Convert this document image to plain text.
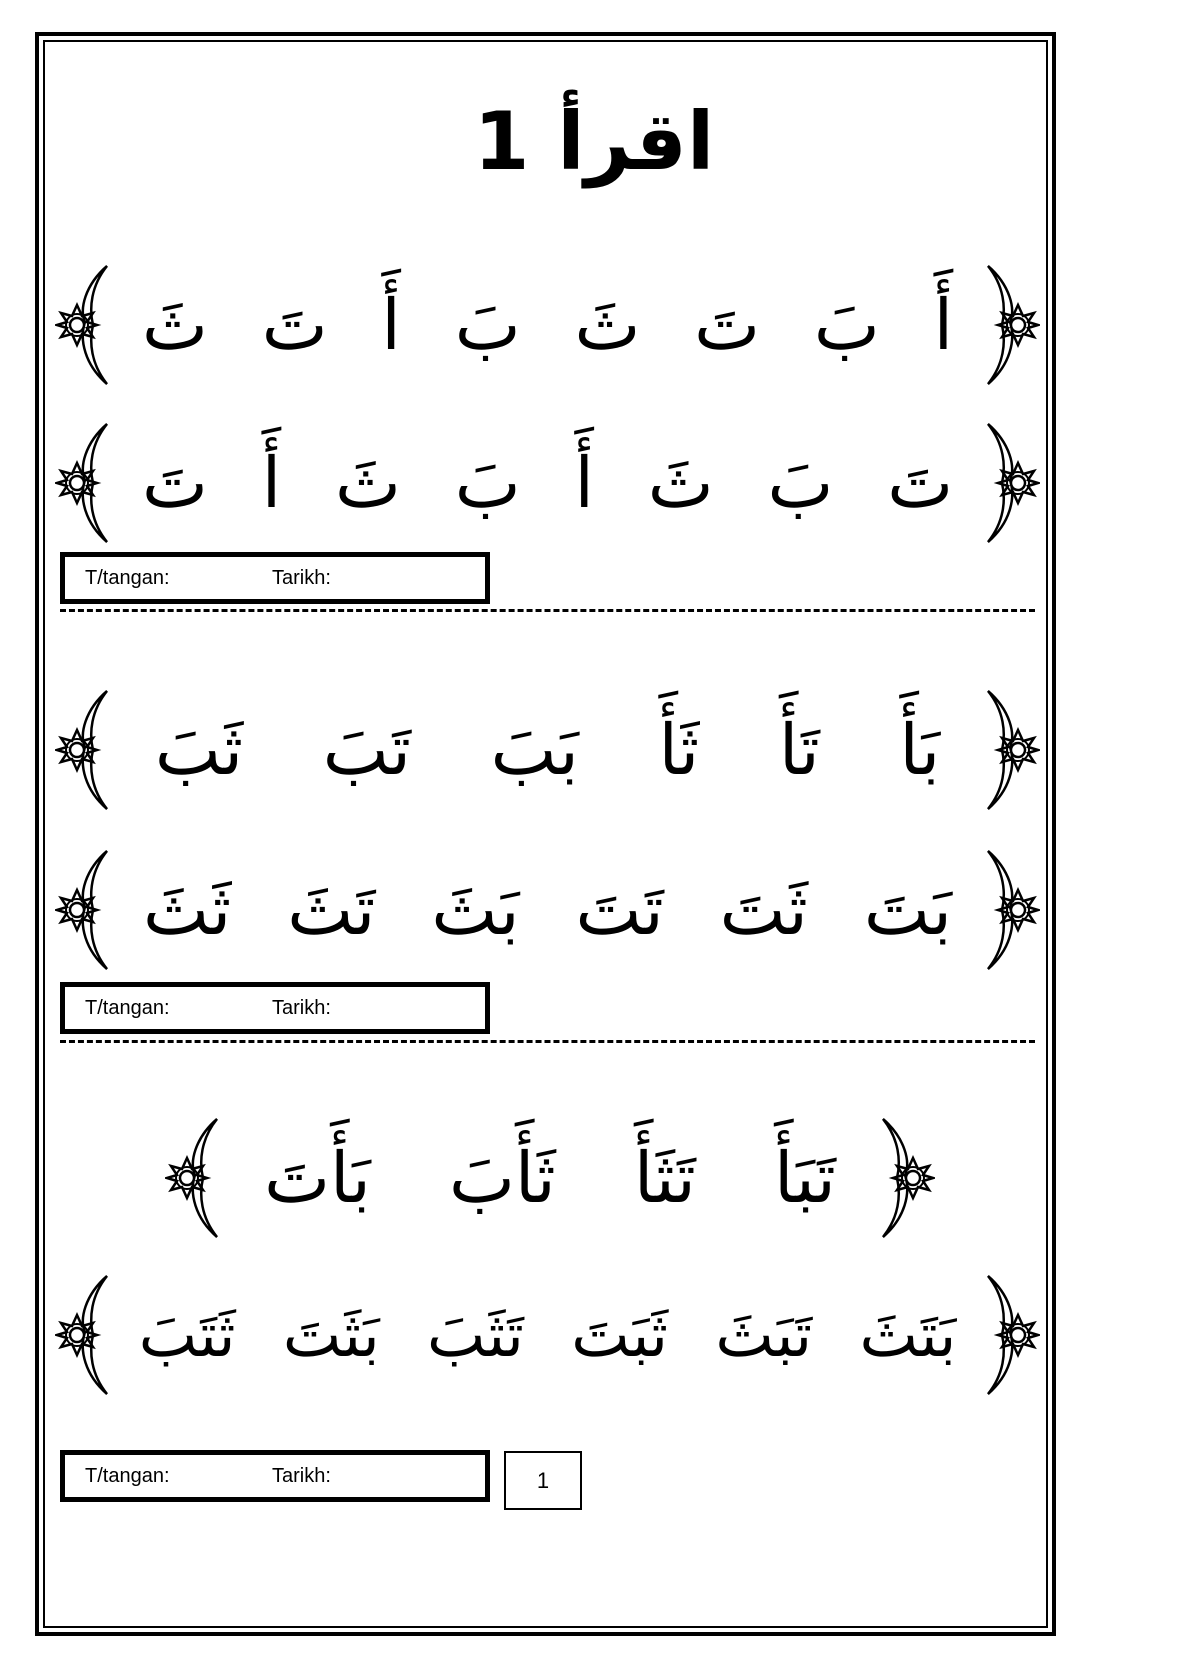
اقرأ 1
أَ
بَ
تَ
ثَ
بَ
أَ
تَ
ثَ
تَ
بَ
ثَ
أَ
بَ
ثَ
أَ
تَ
T/tangan:	Tarikh:
بَأَ
تَأَ
ثَأَ
بَبَ
تَبَ
ثَبَ
بَتَ
ثَتَ
تَتَ
بَثَ
تَثَ
ثَثَ
T/tangan:	Tarikh:
تَبَأَ
تَثَأَ
ثَأَبَ
بَأَتَ
بَتَثَ
تَبَثَ
ثَبَتَ
تَثَبَ
بَثَتَ
ثَتَبَ
T/tangan:	Tarikh:	1
